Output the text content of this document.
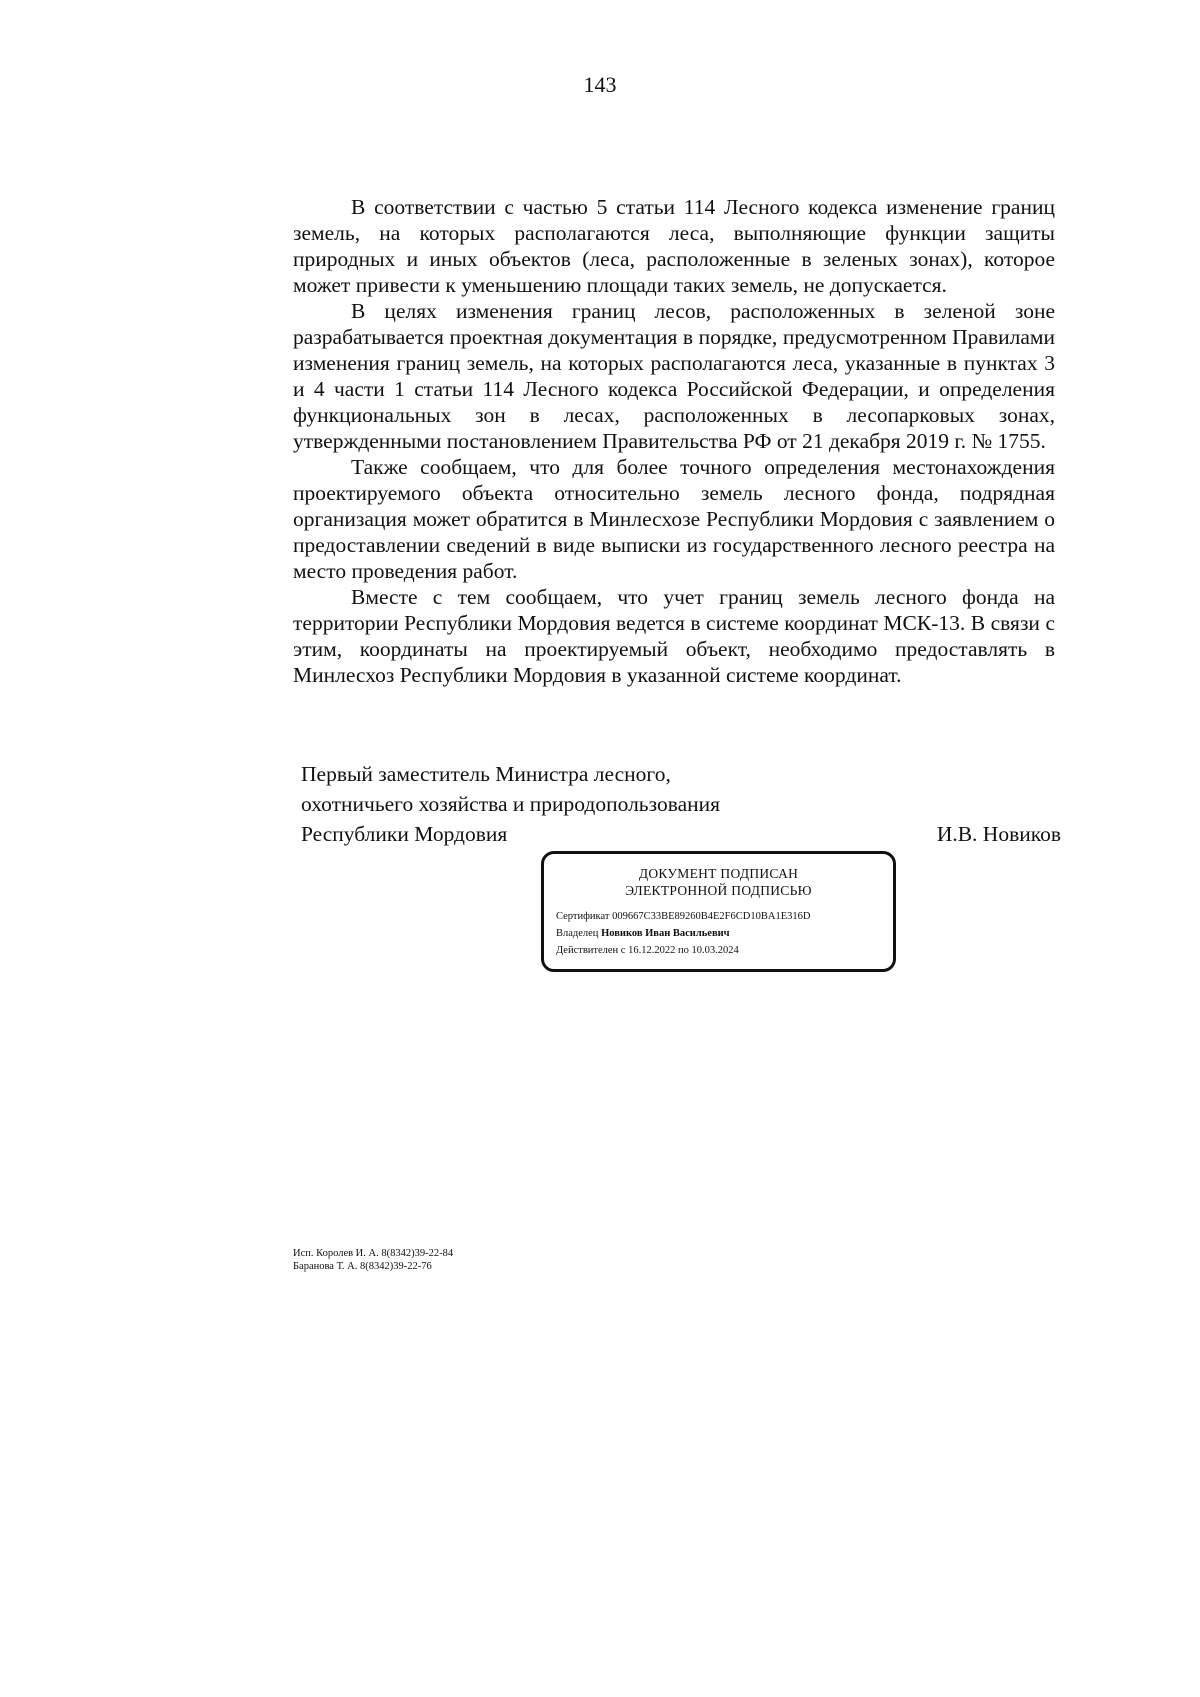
143

В соответствии с частью 5 статьи 114 Лесного кодекса изменение границ земель, на которых располагаются леса, выполняющие функции защиты природных и иных объектов (леса, расположенные в зеленых зонах), которое может привести к уменьшению площади таких земель, не допускается.

В целях изменения границ лесов, расположенных в зеленой зоне разрабатывается проектная документация в порядке, предусмотренном Правилами изменения границ земель, на которых располагаются леса, указанные в пунктах 3 и 4 части 1 статьи 114 Лесного кодекса Российской Федерации, и определения функциональных зон в лесах, расположенных в лесопарковых зонах, утвержденными постановлением Правительства РФ от 21 декабря 2019 г. № 1755.

Также сообщаем, что для более точного определения местонахождения проектируемого объекта относительно земель лесного фонда, подрядная организация может обратится в Минлесхозе Республики Мордовия с заявлением о предоставлении сведений в виде выписки из государственного лесного реестра на место проведения работ.

Вместе с тем сообщаем, что учет границ земель лесного фонда на территории Республики Мордовия ведется в системе координат МСК-13. В связи с этим, координаты на проектируемый объект, необходимо предоставлять в Минлесхоз Республики Мордовия в указанной системе координат.

Первый заместитель Министра лесного,
охотничьего хозяйства и природопользования
Республики Мордовия	И.В. Новиков
ДОКУМЕНТ ПОДПИСАН
ЭЛЕКТРОННОЙ ПОДПИСЬЮ
Сертификат 009667C33BE89260B4E2F6CD10BA1E316D
Владелец Новиков Иван Васильевич
Действителен с 16.12.2022 по 10.03.2024
Исп. Королев И. А. 8(8342)39-22-84
Баранова Т. А. 8(8342)39-22-76
